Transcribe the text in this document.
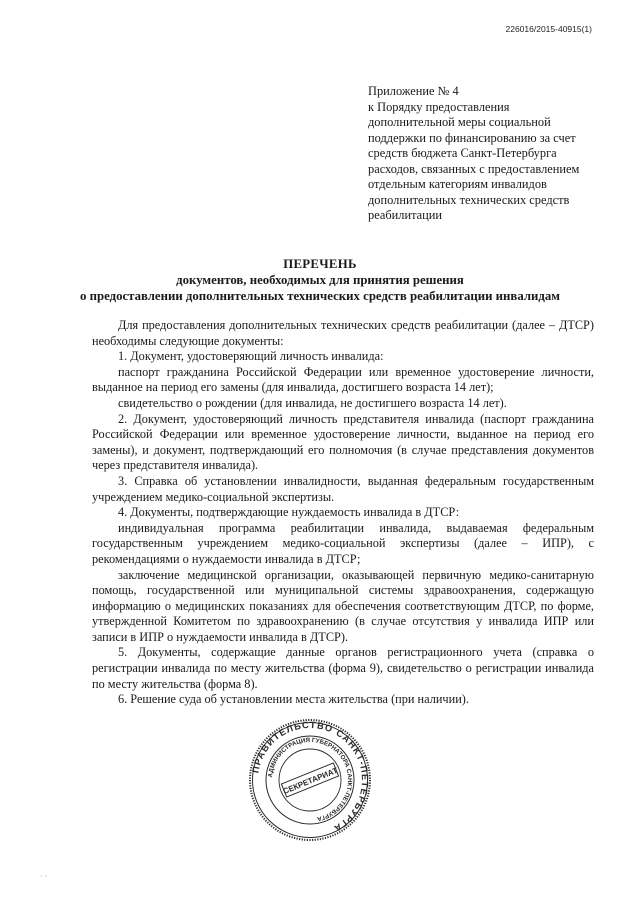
226016/2015-40915(1)
Приложение № 4
к Порядку предоставления
дополнительной меры социальной
поддержки по финансированию за счет
средств бюджета Санкт-Петербурга
расходов, связанных с предоставлением
отдельным категориям инвалидов
дополнительных технических средств
реабилитации
ПЕРЕЧЕНЬ
документов, необходимых для принятия решения
о предоставлении дополнительных технических средств реабилитации инвалидам

Для предоставления дополнительных технических средств реабилитации (далее – ДТСР) необходимы следующие документы:

1. Документ, удостоверяющий личность инвалида:

паспорт гражданина Российской Федерации или временное удостоверение личности, выданное на период его замены (для инвалида, достигшего возраста 14 лет);

свидетельство о рождении (для инвалида, не достигшего возраста 14 лет).

2. Документ, удостоверяющий личность представителя инвалида (паспорт гражданина Российской Федерации или временное удостоверение личности, выданное на период его замены), и документ, подтверждающий его полномочия (в случае представления документов через представителя инвалида).

3. Справка об установлении инвалидности, выданная федеральным государственным учреждением медико-социальной экспертизы.

4. Документы, подтверждающие нуждаемость инвалида в ДТСР:

индивидуальная программа реабилитации инвалида, выдаваемая федеральным государственным учреждением медико-социальной экспертизы (далее – ИПР), с рекомендациями о нуждаемости инвалида в ДТСР;

заключение медицинской организации, оказывающей первичную медико-санитарную помощь, государственной или муниципальной системы здравоохранения, содержащую информацию о медицинских показаниях для обеспечения соответствующим ДТСР, по форме, утвержденной Комитетом по здравоохранению (в случае отсутствия у инвалида ИПР или записи в ИПР о нуждаемости инвалида в ДТСР).

5. Документы, содержащие данные органов регистрационного учета (справка о регистрации инвалида по месту жительства (форма 9), свидетельство о регистрации инвалида по месту жительства (форма 8).

6. Решение суда об установлении места жительства (при наличии).

ПРАВИТЕЛЬСТВО САНКТ-ПЕТЕРБУРГА
АДМИНИСТРАЦИЯ ГУБЕРНАТОРА САНКТ-ПЕТЕРБУРГА
СЕКРЕТАРИАТ
· ·
